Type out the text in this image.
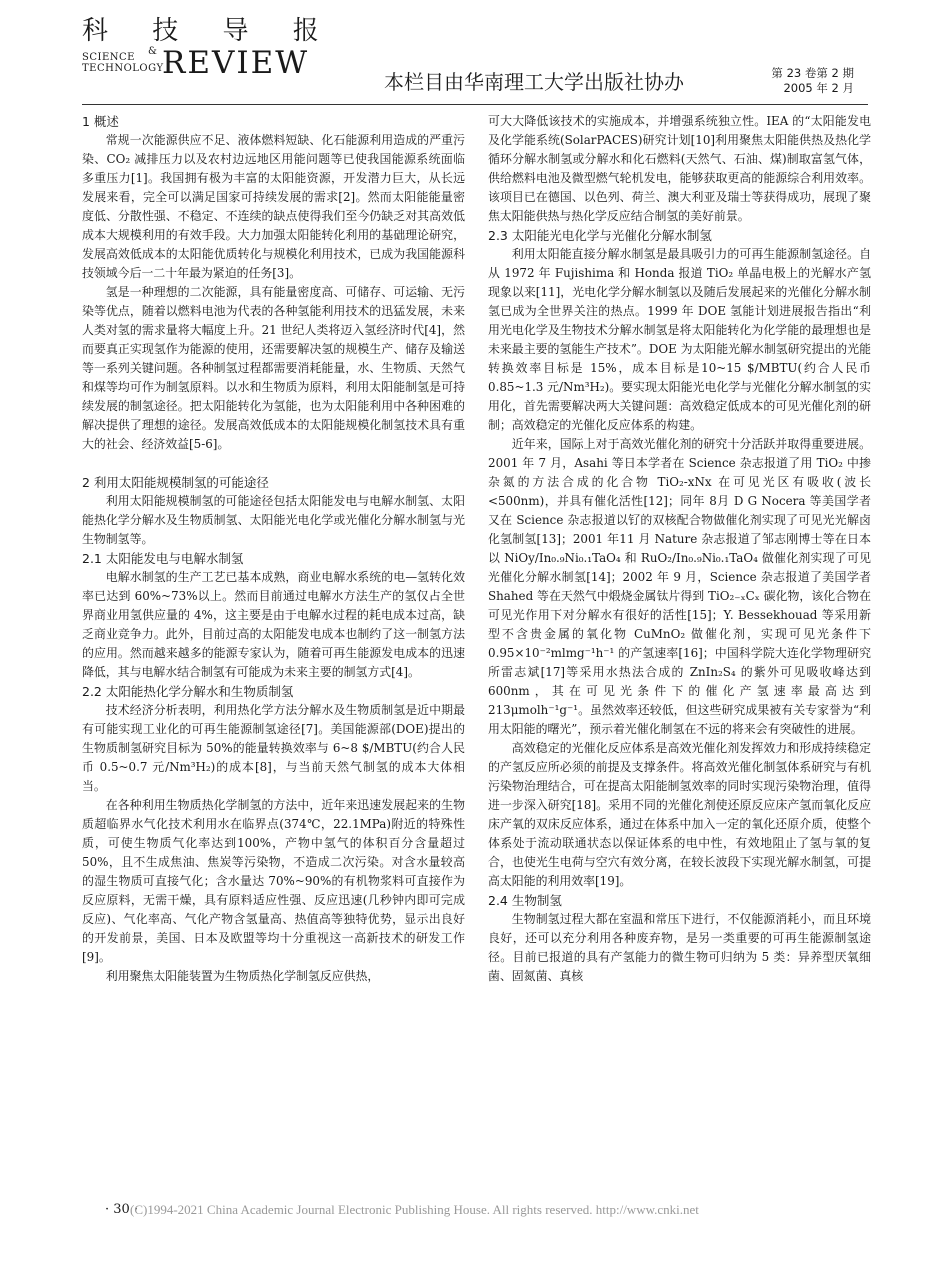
科 技 导 报
SCIENCE
TECHNOLOGY
& REVIEW
本栏目由华南理工大学出版社协办	第 23 卷第 2 期
2005 年 2 月
1 概述

常规一次能源供应不足、液体燃料短缺、化石能源利用造成的严重污染、CO₂ 减排压力以及农村边远地区用能问题等已使我国能源系统面临多重压力[1]。我国拥有极为丰富的太阳能资源，开发潜力巨大，从长远发展来看，完全可以满足国家可持续发展的需求[2]。然而太阳能能量密度低、分散性强、不稳定、不连续的缺点使得我们至今仍缺乏对其高效低成本大规模利用的有效手段。大力加强太阳能转化利用的基础理论研究，发展高效低成本的太阳能优质转化与规模化利用技术，已成为我国能源科技领域今后一二十年最为紧迫的任务[3]。

氢是一种理想的二次能源，具有能量密度高、可储存、可运输、无污染等优点，随着以燃料电池为代表的各种氢能利用技术的迅猛发展，未来人类对氢的需求量将大幅度上升。21 世纪人类将迈入氢经济时代[4]，然而要真正实现氢作为能源的使用，还需要解决氢的规模生产、储存及输送等一系列关键问题。各种制氢过程都需要消耗能量，水、生物质、天然气和煤等均可作为制氢原料。以水和生物质为原料，利用太阳能制氢是可持续发展的制氢途径。把太阳能转化为氢能，也为太阳能利用中各种困难的解决提供了理想的途径。发展高效低成本的太阳能规模化制氢技术具有重大的社会、经济效益[5-6]。

2 利用太阳能规模制氢的可能途径

利用太阳能规模制氢的可能途径包括太阳能发电与电解水制氢、太阳能热化学分解水及生物质制氢、太阳能光电化学或光催化分解水制氢与光生物制氢等。

2.1 太阳能发电与电解水制氢

电解水制氢的生产工艺已基本成熟，商业电解水系统的电—氢转化效率已达到 60%~73%以上。然而目前通过电解水方法生产的氢仅占全世界商业用氢供应量的 4%，这主要是由于电解水过程的耗电成本过高，缺乏商业竞争力。此外，目前过高的太阳能发电成本也制约了这一制氢方法的应用。然而越来越多的能源专家认为，随着可再生能源发电成本的迅速降低，其与电解水结合制氢有可能成为未来主要的制氢方式[4]。

2.2 太阳能热化学分解水和生物质制氢

技术经济分析表明，利用热化学方法分解水及生物质制氢是近中期最有可能实现工业化的可再生能源制氢途径[7]。美国能源部(DOE)提出的生物质制氢研究目标为 50%的能量转换效率与 6~8 $/MBTU(约合人民币 0.5~0.7 元/Nm³H₂)的成本[8]，与当前天然气制氢的成本大体相当。

在各种利用生物质热化学制氢的方法中，近年来迅速发展起来的生物质超临界水气化技术利用水在临界点(374℃，22.1MPa)附近的特殊性质，可使生物质气化率达到100%，产物中氢气的体积百分含量超过 50%，且不生成焦油、焦炭等污染物，不造成二次污染。对含水量较高的湿生物质可直接气化；含水量达 70%~90%的有机物浆料可直接作为反应原料，无需干燥，具有原料适应性强、反应迅速(几秒钟内即可完成反应)、气化率高、气化产物含氢量高、热值高等独特优势，显示出良好的开发前景，美国、日本及欧盟等均十分重视这一高新技术的研发工作[9]。

利用聚焦太阳能装置为生物质热化学制氢反应供热，

可大大降低该技术的实施成本，并增强系统独立性。IEA 的“太阳能发电及化学能系统(SolarPACES)研究计划[10]利用聚焦太阳能供热及热化学循环分解水制氢或分解水和化石燃料(天然气、石油、煤)制取富氢气体，供给燃料电池及微型燃气轮机发电，能够获取更高的能源综合利用效率。该项目已在德国、以色列、荷兰、澳大利亚及瑞士等获得成功，展现了聚焦太阳能供热与热化学反应结合制氢的美好前景。

2.3 太阳能光电化学与光催化分解水制氢

利用太阳能直接分解水制氢是最具吸引力的可再生能源制氢途径。自从 1972 年 Fujishima 和 Honda 报道 TiO₂ 单晶电极上的光解水产氢现象以来[11]，光电化学分解水制氢以及随后发展起来的光催化分解水制氢已成为全世界关注的热点。1999 年 DOE 氢能计划进展报告指出“利用光电化学及生物技术分解水制氢是将太阳能转化为化学能的最理想也是未来最主要的氢能生产技术”。DOE 为太阳能光解水制氢研究提出的光能转换效率目标是 15%，成本目标是10~15 $/MBTU(约合人民币 0.85~1.3 元/Nm³H₂)。要实现太阳能光电化学与光催化分解水制氢的实用化，首先需要解决两大关键问题：高效稳定低成本的可见光催化剂的研制；高效稳定的光催化反应体系的构建。

近年来，国际上对于高效光催化剂的研究十分活跃并取得重要进展。2001 年 7 月，Asahi 等日本学者在 Science 杂志报道了用 TiO₂ 中掺杂氮的方法合成的化合物 TiO₂-xNx 在可见光区有吸收(波长<500nm)，并具有催化活性[12]；同年 8月 D G Nocera 等美国学者又在 Science 杂志报道以钌的双核配合物做催化剂实现了可见光光解卤化氢制氢[13]；2001 年11 月 Nature 杂志报道了邹志刚博士等在日本以 NiOy/In₀.₉Ni₀.₁TaO₄ 和 RuO₂/In₀.₉Ni₀.₁TaO₄ 做催化剂实现了可见光催化分解水制氢[14]；2002 年 9 月，Science 杂志报道了美国学者 Shahed 等在天然气中煅烧金属钛片得到 TiO₂₋ₓCₓ 碳化物，该化合物在可见光作用下对分解水有很好的活性[15]；Y. Bessekhouad 等采用新型不含贵金属的氧化物 CuMnO₂ 做催化剂，实现可见光条件下 0.95×10⁻²mlmg⁻¹h⁻¹ 的产氢速率[16]；中国科学院大连化学物理研究所雷志斌[17]等采用水热法合成的 ZnIn₂S₄ 的紫外可见吸收峰达到 600nm，其在可见光条件下的催化产氢速率最高达到 213μmolh⁻¹g⁻¹。虽然效率还较低，但这些研究成果被有关专家誉为“利用太阳能的曙光”，预示着光催化制氢在不远的将来会有突破性的进展。

高效稳定的光催化反应体系是高效光催化剂发挥效力和形成持续稳定的产氢反应所必须的前提及支撑条件。将高效光催化制氢体系研究与有机污染物治理结合，可在提高太阳能制氢效率的同时实现污染物治理，值得进一步深入研究[18]。采用不同的光催化剂使还原反应床产氢而氧化反应床产氧的双床反应体系，通过在体系中加入一定的氧化还原介质，使整个体系处于流动联通状态以保证体系的电中性，有效地阻止了氢与氧的复合，也使光生电荷与空穴有效分离，在较长波段下实现光解水制氢，可提高太阳能的利用效率[19]。

2.4 生物制氢

生物制氢过程大都在室温和常压下进行，不仅能源消耗小，而且环境良好，还可以充分利用各种废弃物，是另一类重要的可再生能源制氢途径。目前已报道的具有产氢能力的微生物可归纳为 5 类：异养型厌氧细菌、固氮菌、真核

· 30 ·
(C)1994-2021 China Academic Journal Electronic Publishing House. All rights reserved. http://www.cnki.net
